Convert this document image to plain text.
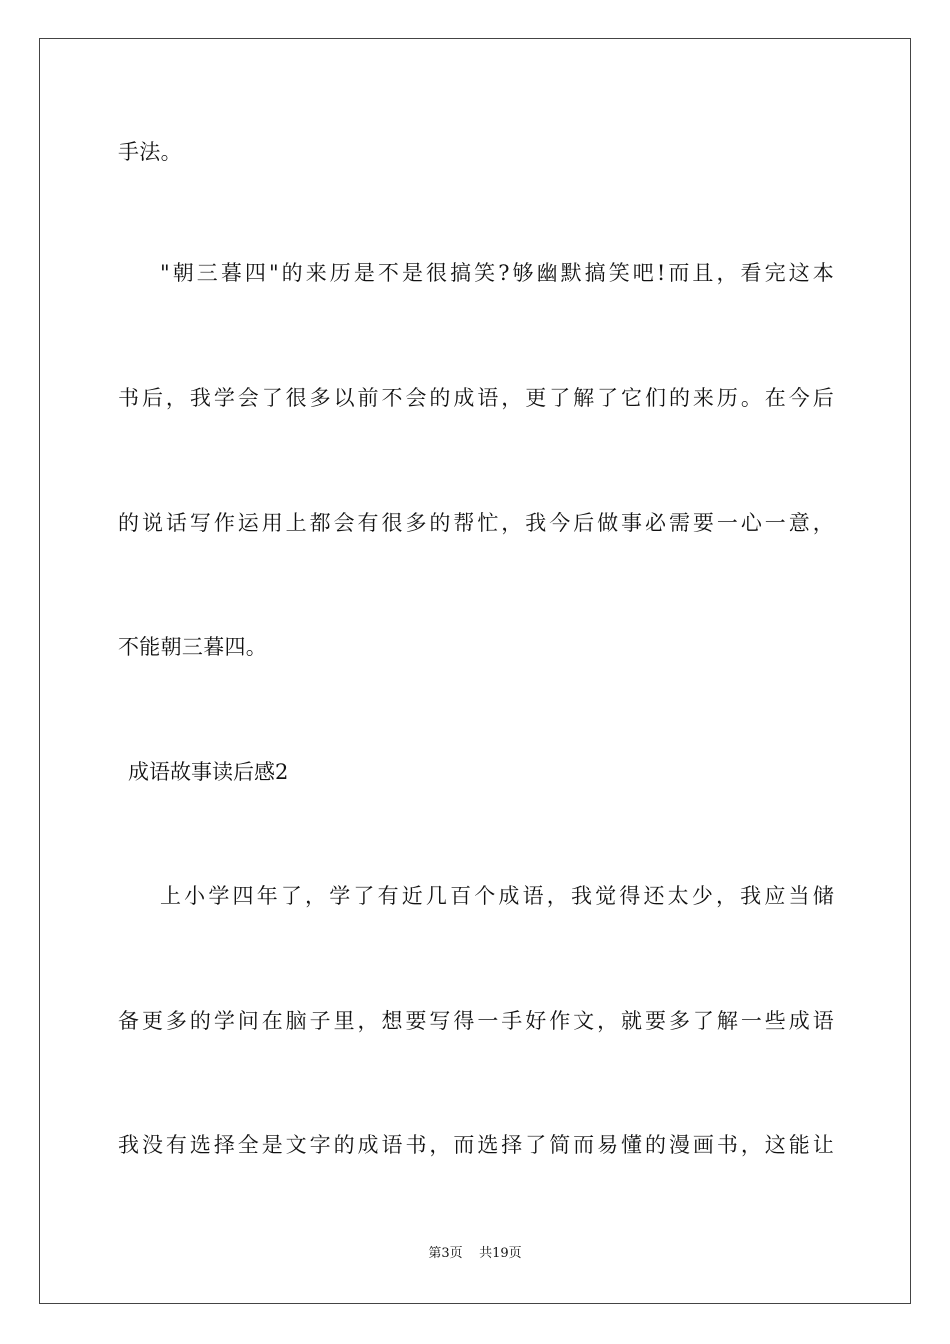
手法。
"朝三暮四"的来历是不是很搞笑?够幽默搞笑吧!而且，看完这本
书后，我学会了很多以前不会的成语，更了解了它们的来历。在今后
的说话写作运用上都会有很多的帮忙，我今后做事必需要一心一意，
不能朝三暮四。
成语故事读后感2
上小学四年了，学了有近几百个成语，我觉得还太少，我应当储
备更多的学问在脑子里，想要写得一手好作文，就要多了解一些成语
我没有选择全是文字的成语书，而选择了简而易懂的漫画书，这能让
第3页    共19页
